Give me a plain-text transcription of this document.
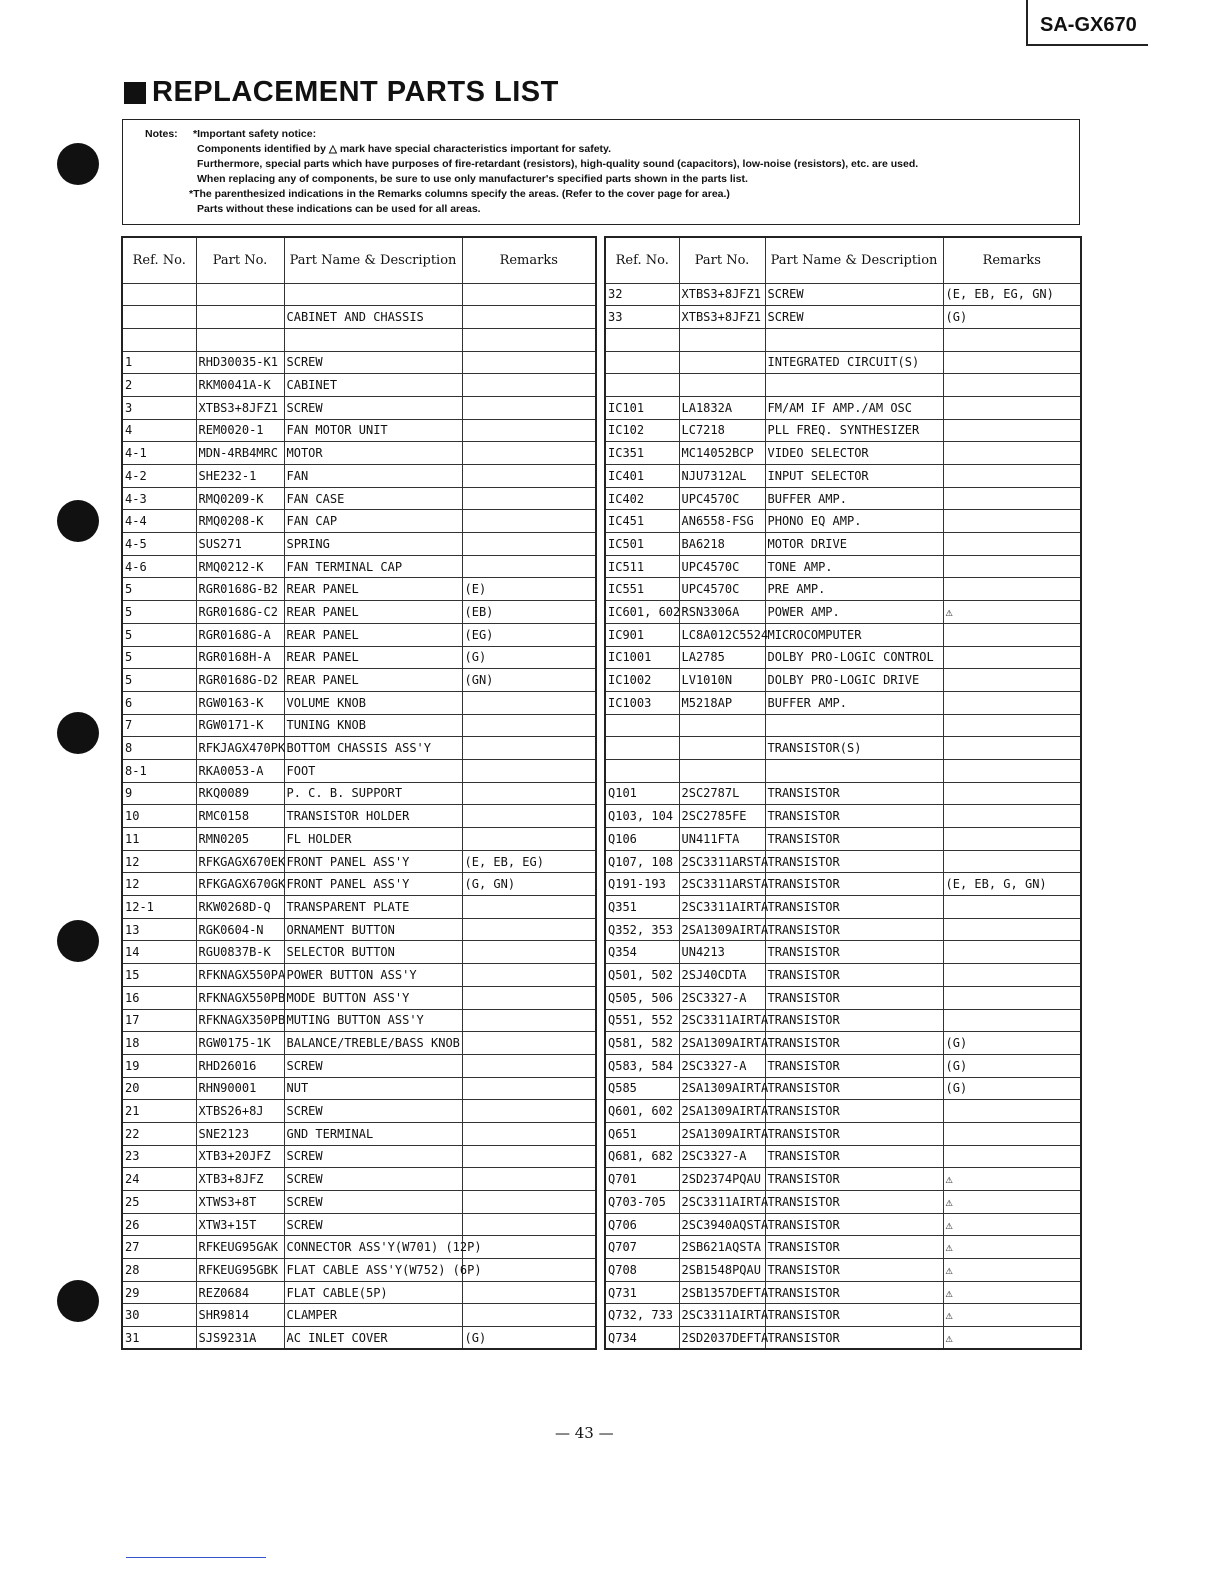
SA-GX670
REPLACEMENT PARTS LIST
Notes: *Important safety notice:
Components identified by △ mark have special characteristics important for safety.
Furthermore, special parts which have purposes of fire-retardant (resistors), high-quality sound (capacitors), low-noise (resistors), etc. are used.
When replacing any of components, be sure to use only manufacturer's specified parts shown in the parts list.
*The parenthesized indications in the Remarks columns specify the areas. (Refer to the cover page for area.)
Parts without these indications can be used for all areas.
Ref. No.	Part No.	Part Name & Description	Remarks

		CABINET AND CHASSIS	

1	RHD30035-K1	SCREW	
2	RKM0041A-K	CABINET	
3	XTBS3+8JFZ1	SCREW	
4	REM0020-1	FAN MOTOR UNIT	
4-1	MDN-4RB4MRC	MOTOR	
4-2	SHE232-1	FAN	
4-3	RMQ0209-K	FAN CASE	
4-4	RMQ0208-K	FAN CAP	
4-5	SUS271	SPRING	
4-6	RMQ0212-K	FAN TERMINAL CAP	
5	RGR0168G-B2	REAR PANEL	(E)
5	RGR0168G-C2	REAR PANEL	(EB)
5	RGR0168G-A	REAR PANEL	(EG)
5	RGR0168H-A	REAR PANEL	(G)
5	RGR0168G-D2	REAR PANEL	(GN)
6	RGW0163-K	VOLUME KNOB	
7	RGW0171-K	TUNING KNOB	
8	RFKJAGX470PK	BOTTOM CHASSIS ASS'Y	
8-1	RKA0053-A	FOOT	
9	RKQ0089	P. C. B. SUPPORT	
10	RMC0158	TRANSISTOR HOLDER	
11	RMN0205	FL HOLDER	
12	RFKGAGX670EK	FRONT PANEL ASS'Y	(E, EB, EG)
12	RFKGAGX670GK	FRONT PANEL ASS'Y	(G, GN)
12-1	RKW0268D-Q	TRANSPARENT PLATE	
13	RGK0604-N	ORNAMENT BUTTON	
14	RGU0837B-K	SELECTOR BUTTON	
15	RFKNAGX550PA	POWER BUTTON ASS'Y	
16	RFKNAGX550PB	MODE BUTTON ASS'Y	
17	RFKNAGX350PB	MUTING BUTTON ASS'Y	
18	RGW0175-1K	BALANCE/TREBLE/BASS KNOB	
19	RHD26016	SCREW	
20	RHN90001	NUT	
21	XTBS26+8J	SCREW	
22	SNE2123	GND TERMINAL	
23	XTB3+20JFZ	SCREW	
24	XTB3+8JFZ	SCREW	
25	XTWS3+8T	SCREW	
26	XTW3+15T	SCREW	
27	RFKEUG95GAK	CONNECTOR ASS'Y(W701) (12P)	
28	RFKEUG95GBK	FLAT CABLE ASS'Y(W752) (6P)	
29	REZ0684	FLAT CABLE(5P)	
30	SHR9814	CLAMPER	
31	SJS9231A	AC INLET COVER	(G)
Ref. No.	Part No.	Part Name & Description	Remarks
32	XTBS3+8JFZ1	SCREW	(E, EB, EG, GN)
33	XTBS3+8JFZ1	SCREW	(G)

		INTEGRATED CIRCUIT(S)	

IC101	LA1832A	FM/AM IF AMP./AM OSC	
IC102	LC7218	PLL FREQ. SYNTHESIZER	
IC351	MC14052BCP	VIDEO SELECTOR	
IC401	NJU7312AL	INPUT SELECTOR	
IC402	UPC4570C	BUFFER AMP.	
IC451	AN6558-FSG	PHONO EQ AMP.	
IC501	BA6218	MOTOR DRIVE	
IC511	UPC4570C	TONE AMP.	
IC551	UPC4570C	PRE AMP.	
IC601, 602	RSN3306A	POWER AMP.	⚠
IC901	LC8A012C5524	MICROCOMPUTER	
IC1001	LA2785	DOLBY PRO-LOGIC CONTROL	
IC1002	LV1010N	DOLBY PRO-LOGIC DRIVE	
IC1003	M5218AP	BUFFER AMP.	

		TRANSISTOR(S)	

Q101	2SC2787L	TRANSISTOR	
Q103, 104	2SC2785FE	TRANSISTOR	
Q106	UN411FTA	TRANSISTOR	
Q107, 108	2SC3311ARSTA	TRANSISTOR	
Q191-193	2SC3311ARSTA	TRANSISTOR	(E, EB, G, GN)
Q351	2SC3311AIRTA	TRANSISTOR	
Q352, 353	2SA1309AIRTA	TRANSISTOR	
Q354	UN4213	TRANSISTOR	
Q501, 502	2SJ40CDTA	TRANSISTOR	
Q505, 506	2SC3327-A	TRANSISTOR	
Q551, 552	2SC3311AIRTA	TRANSISTOR	
Q581, 582	2SA1309AIRTA	TRANSISTOR	(G)
Q583, 584	2SC3327-A	TRANSISTOR	(G)
Q585	2SA1309AIRTA	TRANSISTOR	(G)
Q601, 602	2SA1309AIRTA	TRANSISTOR	
Q651	2SA1309AIRTA	TRANSISTOR	
Q681, 682	2SC3327-A	TRANSISTOR	
Q701	2SD2374PQAU	TRANSISTOR	⚠
Q703-705	2SC3311AIRTA	TRANSISTOR	⚠
Q706	2SC3940AQSTA	TRANSISTOR	⚠
Q707	2SB621AQSTA	TRANSISTOR	⚠
Q708	2SB1548PQAU	TRANSISTOR	⚠
Q731	2SB1357DEFTA	TRANSISTOR	⚠
Q732, 733	2SC3311AIRTA	TRANSISTOR	⚠
Q734	2SD2037DEFTA	TRANSISTOR	⚠
— 43 —
